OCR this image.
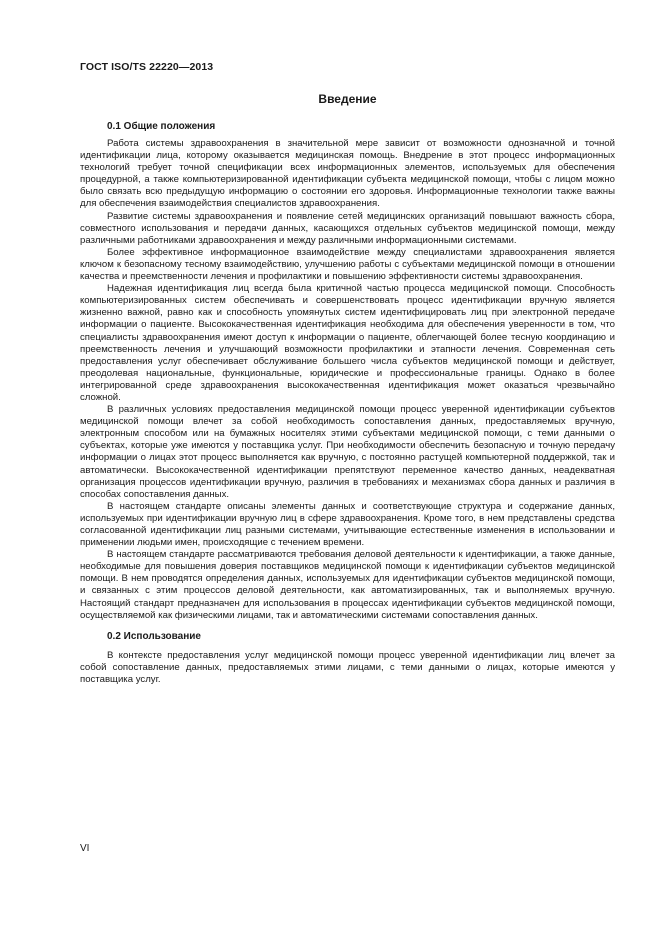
ГОСТ ISO/TS 22220—2013
Введение
0.1 Общие положения

Работа системы здравоохранения в значительной мере зависит от возможности однозначной и точной идентификации лица, которому оказывается медицинская помощь. Внедрение в этот процесс информационных технологий требует точной спецификации всех информационных элементов, используемых для обеспечения процедурной, а также компьютеризированной идентификации субъекта медицинской помощи, чтобы с лицом можно было связать всю предыдущую информацию о состоянии его здоровья. Информационные технологии также важны для обеспечения взаимодействия специалистов здравоохранения.

Развитие системы здравоохранения и появление сетей медицинских организаций повышают важность сбора, совместного использования и передачи данных, касающихся отдельных субъектов медицинской помощи, между различными работниками здравоохранения и между различными информационными системами.

Более эффективное информационное взаимодействие между специалистами здравоохранения является ключом к безопасному тесному взаимодействию, улучшению работы с субъектами медицинской помощи в отношении качества и преемственности лечения и профилактики и повышению эффективности системы здравоохранения.

Надежная идентификация лиц всегда была критичной частью процесса медицинской помощи. Способность компьютеризированных систем обеспечивать и совершенствовать процесс идентификации вручную является жизненно важной, равно как и способность упомянутых систем идентифицировать лиц при электронной передаче информации о пациенте. Высококачественная идентификация необходима для обеспечения уверенности в том, что специалисты здравоохранения имеют доступ к информации о пациенте, облегчающей более тесную координацию и преемственность лечения и улучшающий возможности профилактики и этапности лечения. Современная сеть предоставления услуг обеспечивает обслуживание большего числа субъектов медицинской помощи и действует, преодолевая национальные, функциональные, юридические и профессиональные границы. Однако в более интегрированной среде здравоохранения высококачественная идентификация может оказаться чрезвычайно сложной.

В различных условиях предоставления медицинской помощи процесс уверенной идентификации субъектов медицинской помощи влечет за собой необходимость сопоставления данных, предоставляемых вручную, электронным способом или на бумажных носителях этими субъектами медицинской помощи, с теми данными о субъектах, которые уже имеются у поставщика услуг. При необходимости обеспечить безопасную и точную передачу информации о лицах этот процесс выполняется как вручную, с постоянно растущей компьютерной поддержкой, так и автоматически. Высококачественной идентификации препятствуют переменное качество данных, неадекватная организация процессов идентификации вручную, различия в требованиях и механизмах сбора данных и различия в способах сопоставления данных.

В настоящем стандарте описаны элементы данных и соответствующие структура и содержание данных, используемых при идентификации вручную лиц в сфере здравоохранения. Кроме того, в нем представлены средства согласованной идентификации лиц разными системами, учитывающие естественные изменения в использовании и применении людьми имен, происходящие с течением времени.

В настоящем стандарте рассматриваются требования деловой деятельности к идентификации, а также данные, необходимые для повышения доверия поставщиков медицинской помощи к идентификации субъектов медицинской помощи. В нем проводятся определения данных, используемых для идентификации субъектов медицинской помощи, и связанных с этим процессов деловой деятельности, как автоматизированных, так и выполняемых вручную. Настоящий стандарт предназначен для использования в процессах идентификации субъектов медицинской помощи, осуществляемой как физическими лицами, так и автоматическими системами сопоставления данных.

0.2 Использование

В контексте предоставления услуг медицинской помощи процесс уверенной идентификации лиц влечет за собой сопоставление данных, предоставляемых этими лицами, с теми данными о лицах, которые имеются у поставщика услуг.

VI
